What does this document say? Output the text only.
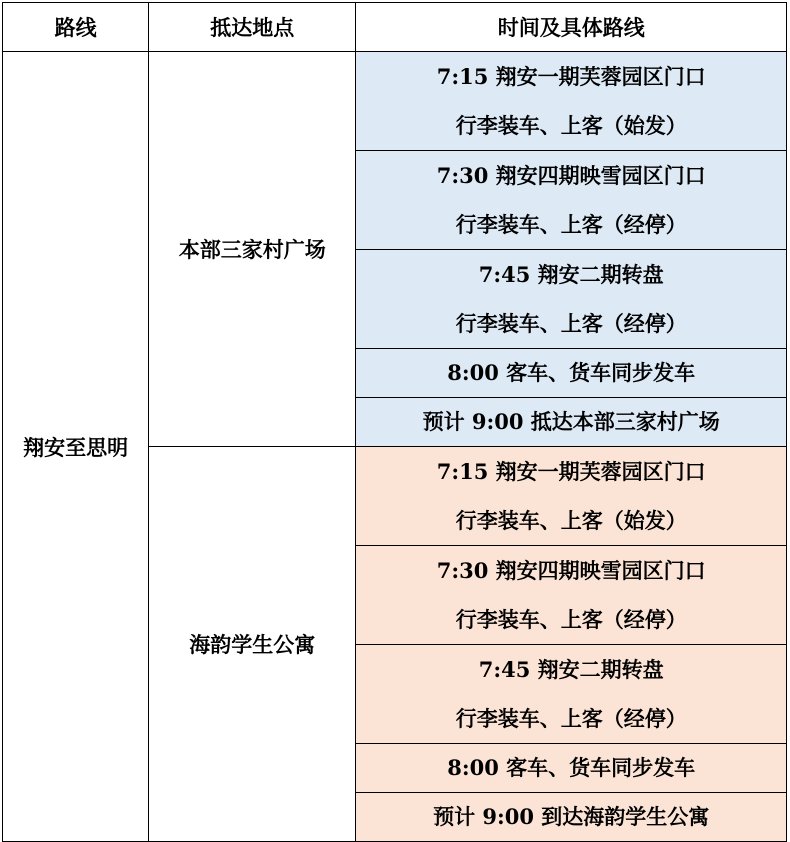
路线	抵达地点	时间及具体路线
翔安至思明	本部三家村广场	7:15 翔安一期芙蓉园区门口
行李装车、上客（始发）

		7:30 翔安四期映雪园区门口
行李装车、上客（经停）

		7:45 翔安二期转盘
行李装车、上客（经停）

		8:00 客车、货车同步发车
		预计 9:00 抵达本部三家村广场
	海韵学生公寓	7:15 翔安一期芙蓉园区门口
行李装车、上客（始发）

		7:30 翔安四期映雪园区门口
行李装车、上客（经停）

		7:45 翔安二期转盘
行李装车、上客（经停）

		8:00 客车、货车同步发车
		预计 9:00 到达海韵学生公寓
